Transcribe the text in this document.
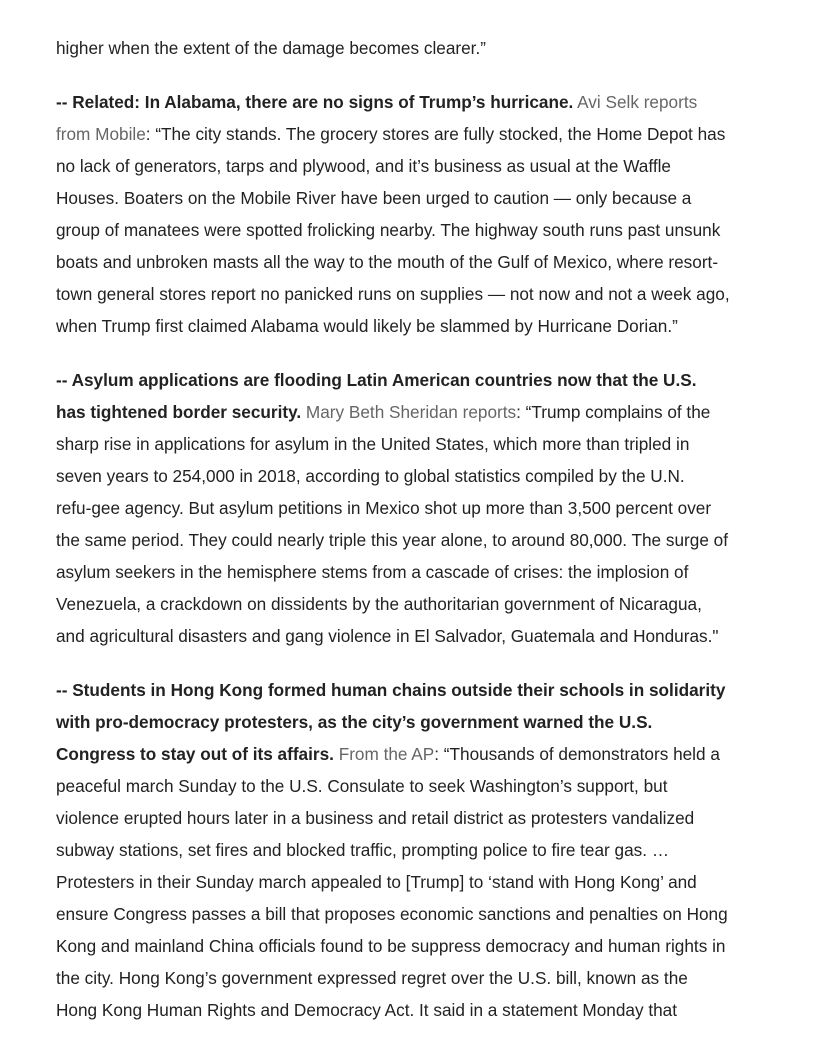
higher when the extent of the damage becomes clearer.”
-- Related: In Alabama, there are no signs of Trump’s hurricane. Avi Selk reports
from Mobile: “The city stands. The grocery stores are fully stocked, the Home Depot has
no lack of generators, tarps and plywood, and it’s business as usual at the Waffle
Houses. Boaters on the Mobile River have been urged to caution — only because a
group of manatees were spotted frolicking nearby. The highway south runs past unsunk
boats and unbroken masts all the way to the mouth of the Gulf of Mexico, where resort-
town general stores report no panicked runs on supplies — not now and not a week ago,
when Trump first claimed Alabama would likely be slammed by Hurricane Dorian.”
-- Asylum applications are flooding Latin American countries now that the U.S.
has tightened border security. Mary Beth Sheridan reports: “Trump complains of the
sharp rise in applications for asylum in the United States, which more than tripled in
seven years to 254,000 in 2018, according to global statistics compiled by the U.N.
refu-gee agency. But asylum petitions in Mexico shot up more than 3,500 percent over
the same period. They could nearly triple this year alone, to around 80,000. The surge of
asylum seekers in the hemisphere stems from a cascade of crises: the implosion of
Venezuela, a crackdown on dissidents by the authoritarian government of Nicaragua,
and agricultural disasters and gang violence in El Salvador, Guatemala and Honduras."
-- Students in Hong Kong formed human chains outside their schools in solidarity
with pro-democracy protesters, as the city’s government warned the U.S.
Congress to stay out of its affairs. From the AP: “Thousands of demonstrators held a
peaceful march Sunday to the U.S. Consulate to seek Washington’s support, but
violence erupted hours later in a business and retail district as protesters vandalized
subway stations, set fires and blocked traffic, prompting police to fire tear gas. …
Protesters in their Sunday march appealed to [Trump] to ‘stand with Hong Kong’ and
ensure Congress passes a bill that proposes economic sanctions and penalties on Hong
Kong and mainland China officials found to be suppress democracy and human rights in
the city. Hong Kong’s government expressed regret over the U.S. bill, known as the
Hong Kong Human Rights and Democracy Act. It said in a statement Monday that
